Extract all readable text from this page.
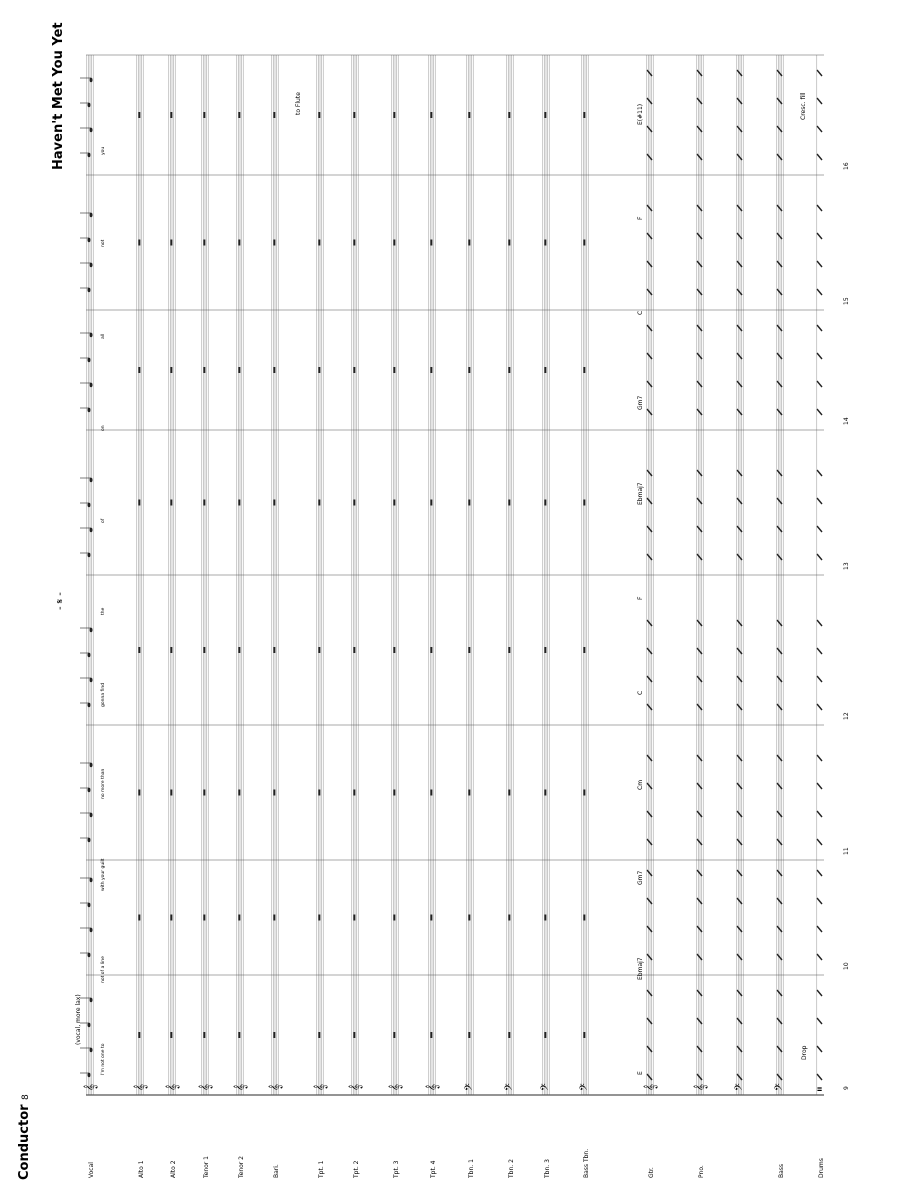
Vocal	Alto 1	Alto 2	Tenor 1	Tenor 2	Bari.	Tpt. 1	Tpt. 2	Tpt. 3	Tpt. 4	Tbn. 1	Tbn. 2	Tbn. 3	Bass Tbn.	Gtr.	Pno.	Bass	Drums
𝄞	𝄞 𝄞 𝄞 𝄞 𝄞	𝄞 𝄞 𝄞 𝄞 𝄢 𝄢 𝄢 𝄢	𝄞	𝄞 𝄢 𝄢 𝄥	9
10
11
12
13
14
15
16
E
Ebmaj7
Gm7
Cm
C
F
Ebmaj7
Gm7
C
F
E(#11)
I'm not one to
not of a line
with your guilt
no more than
gonna find
the
of
on
all
not
you
Conductor
8
Haven't Met You Yet
(vocal, more lax)
- 𝄋 -
to Flute
Drop
Cresc. fill
